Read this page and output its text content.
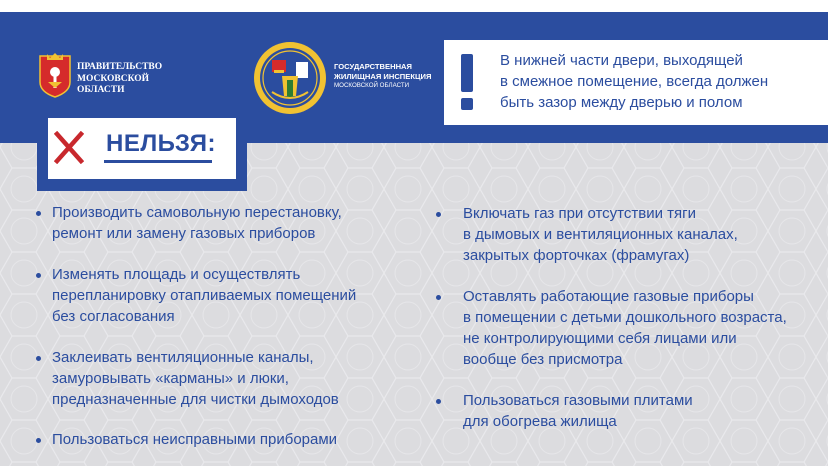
ПРАВИТЕЛЬСТВО
МОСКОВСКОЙ
ОБЛАСТИ
ГОСУДАРСТВЕННАЯ
ЖИЛИЩНАЯ ИНСПЕКЦИЯ
МОСКОВСКОЙ ОБЛАСТИ
В нижней части двери, выходящей
в смежное помещение, всегда должен
быть зазор между дверью и полом
НЕЛЬЗЯ:
Производить самовольную перестановку,
ремонт или замену газовых приборов
Изменять площадь и осуществлять
перепланировку отапливаемых помещений
без согласования
Заклеивать вентиляционные каналы,
замуровывать «карманы» и люки,
предназначенные для чистки дымоходов
Пользоваться неисправными приборами
Включать газ при отсутствии тяги
в дымовых и вентиляционных каналах,
закрытых форточках (фрамугах)
Оставлять работающие газовые приборы
в помещении с детьми дошкольного возраста,
не контролирующими себя лицами или
вообще без присмотра
Пользоваться газовыми плитами
для обогрева жилища
